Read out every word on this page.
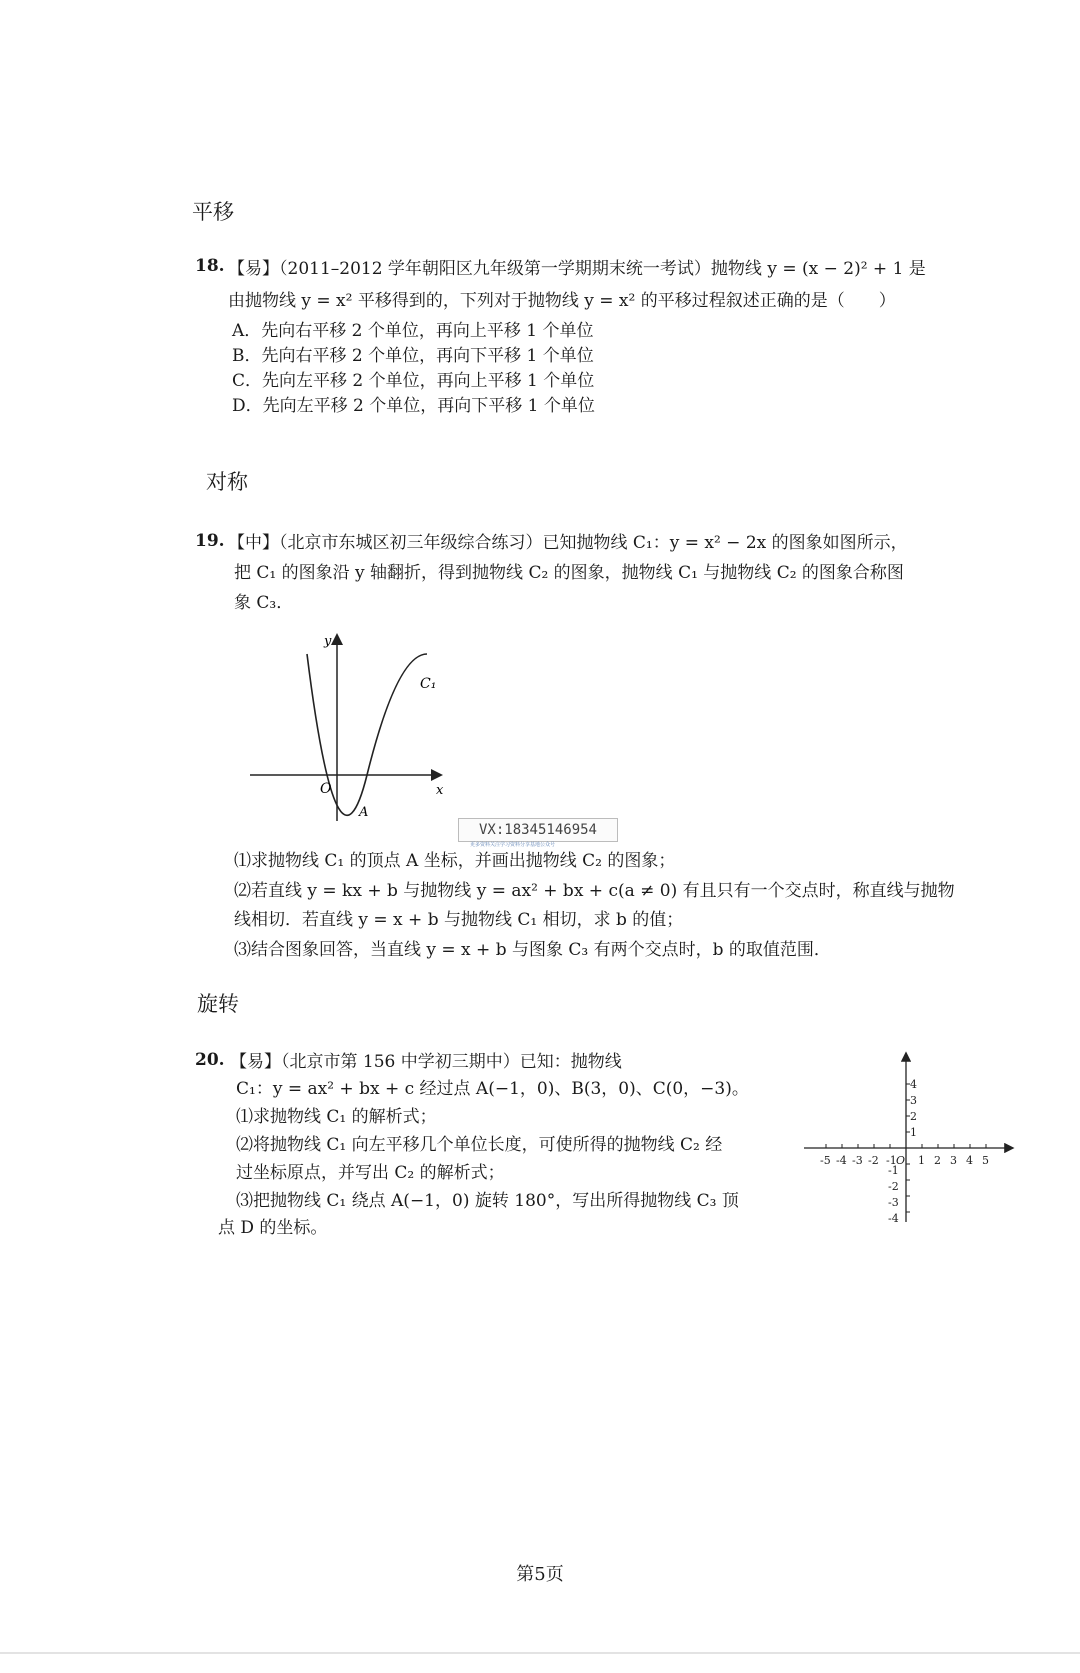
平移
18. 【易】（2011–2012 学年朝阳区九年级第一学期期末统一考试）抛物线 y = (x − 2)² + 1 是
由抛物线 y = x² 平移得到的，下列对于抛物线 y = x² 的平移过程叙述正确的是（　　）
A．先向右平移 2 个单位，再向上平移 1 个单位
B．先向右平移 2 个单位，再向下平移 1 个单位
C．先向左平移 2 个单位，再向上平移 1 个单位
D．先向左平移 2 个单位，再向下平移 1 个单位
对称
19. 【中】（北京市东城区初三年级综合练习）已知抛物线 C₁：y = x² − 2x 的图象如图所示，
把 C₁ 的图象沿 y 轴翻折，得到抛物线 C₂ 的图象，抛物线 C₁ 与抛物线 C₂ 的图象合称图
象 C₃．
y
x
O
A
C₁
VX:18345146954
更多资料关注学习资料分享基地公众号
⑴求抛物线 C₁ 的顶点 A 坐标，并画出抛物线 C₂ 的图象；
⑵若直线 y = kx + b 与抛物线 y = ax² + bx + c(a ≠ 0) 有且只有一个交点时，称直线与抛物
线相切．若直线 y = x + b 与抛物线 C₁ 相切，求 b 的值；
⑶结合图象回答，当直线 y = x + b 与图象 C₃ 有两个交点时，b 的取值范围．
旋转
20. 【易】（北京市第 156 中学初三期中）已知：抛物线
C₁：y = ax² + bx + c 经过点 A(−1，0)、B(3，0)、C(0，−3)。
⑴求抛物线 C₁ 的解析式；
⑵将抛物线 C₁ 向左平移几个单位长度，可使所得的抛物线 C₂ 经
过坐标原点，并写出 C₂ 的解析式；
⑶把抛物线 C₁ 绕点 A(−1，0) 旋转 180°，写出所得抛物线 C₃ 顶
点 D 的坐标。
-5 -4 -3 -2 -1 1 2 3 4 5
O
1
2
3
4
-1
-2
-3
-4
第5页
